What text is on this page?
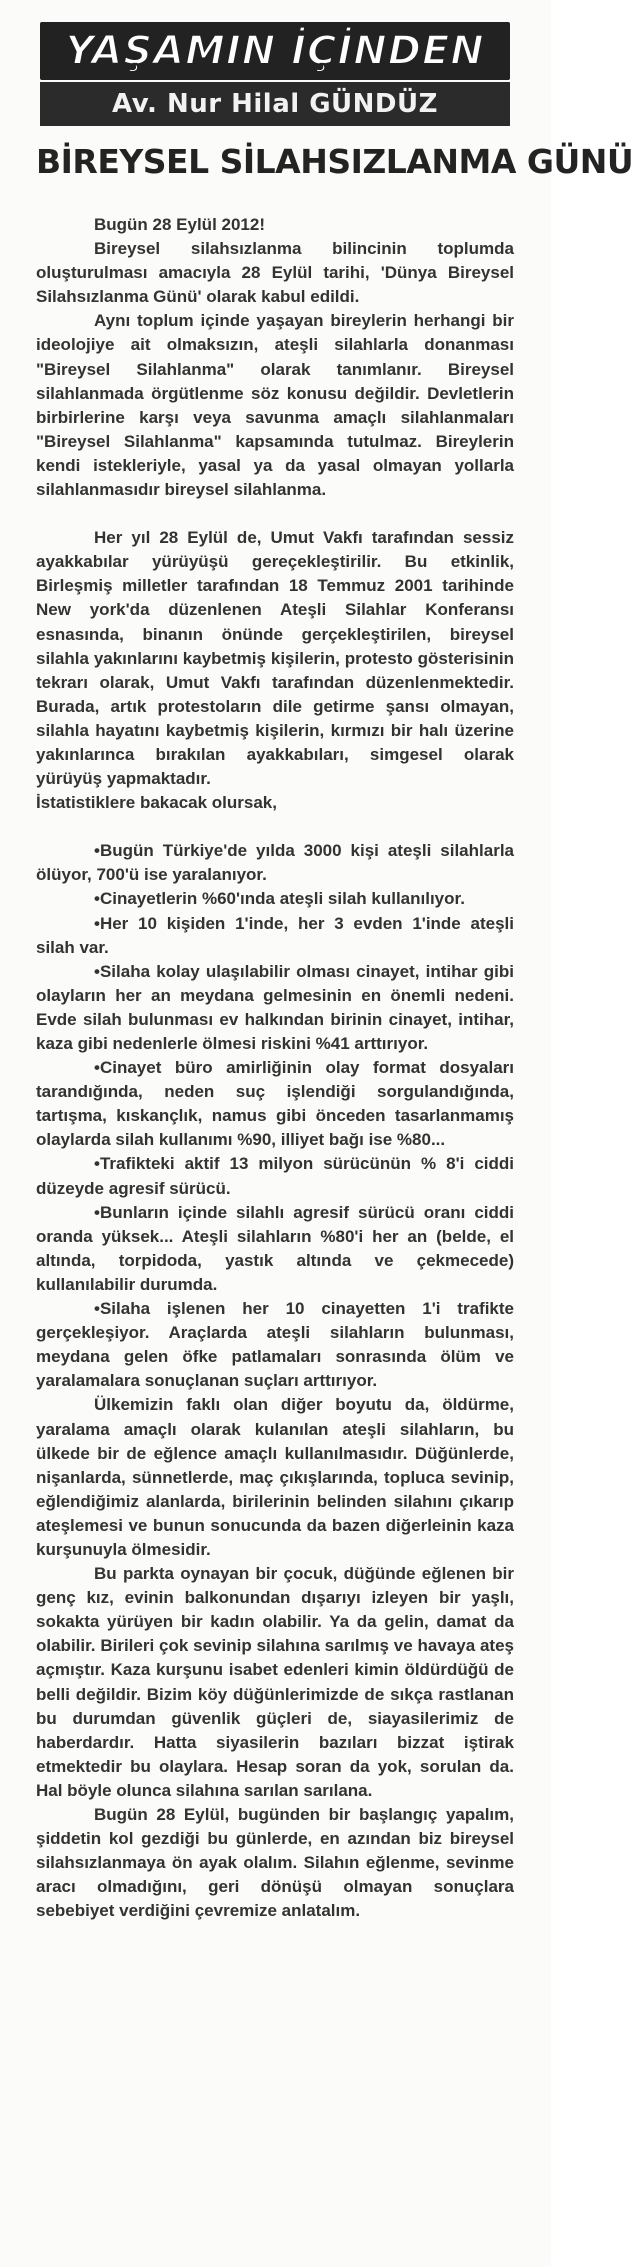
YAŞAMIN İÇİNDEN
Av. Nur Hilal GÜNDÜZ
BİREYSEL SİLAHSIZLANMA GÜNÜ

Bugün 28 Eylül 2012!

Bireysel silahsızlanma bilincinin toplumda oluşturulması amacıyla 28 Eylül tarihi, 'Dünya Bireysel Silahsızlanma Günü' olarak kabul edildi.

Aynı toplum içinde yaşayan bireylerin herhangi bir ideolojiye ait olmaksızın, ateşli silahlarla donanması "Bireysel Silahlanma" olarak tanımlanır. Bireysel silahlanmada örgütlenme söz konusu değildir. Devletlerin birbirlerine karşı veya savunma amaçlı silahlanmaları "Bireysel Silahlanma" kapsamında tutulmaz. Bireylerin kendi istekleriyle, yasal ya da yasal olmayan yollarla silahlanmasıdır bireysel silahlanma.

Her yıl 28 Eylül de, Umut Vakfı tarafından sessiz ayakkabılar yürüyüşü gereçekleştirilir. Bu etkinlik, Birleşmiş milletler tarafından 18 Temmuz 2001 tarihinde New york'da düzenlenen Ateşli Silahlar Konferansı esnasında, binanın önünde gerçekleştirilen, bireysel silahla yakınlarını kaybetmiş kişilerin, protesto gösterisinin tekrarı olarak, Umut Vakfı tarafından düzenlenmektedir. Burada, artık protestoların dile getirme şansı olmayan, silahla hayatını kaybetmiş kişilerin, kırmızı bir halı üzerine yakınlarınca bırakılan ayakkabıları, simgesel olarak yürüyüş yapmaktadır.

İstatistiklere bakacak olursak,

•Bugün Türkiye'de yılda 3000 kişi ateşli silahlarla ölüyor, 700'ü ise yaralanıyor.

•Cinayetlerin %60'ında ateşli silah kullanılıyor.

•Her 10 kişiden 1'inde, her 3 evden 1'inde ateşli silah var.

•Silaha kolay ulaşılabilir olması cinayet, intihar gibi olayların her an meydana gelmesinin en önemli nedeni. Evde silah bulunması ev halkından birinin cinayet, intihar, kaza gibi nedenlerle ölmesi riskini %41 arttırıyor.

•Cinayet büro amirliğinin olay format dosyaları tarandığında, neden suç işlendiği sorgulandığında, tartışma, kıskançlık, namus gibi önceden tasarlanmamış olaylarda silah kullanımı %90, illiyet bağı ise %80...

•Trafikteki aktif 13 milyon sürücünün % 8'i ciddi düzeyde agresif sürücü.

•Bunların içinde silahlı agresif sürücü oranı ciddi oranda yüksek... Ateşli silahların %80'i her an (belde, el altında, torpidoda, yastık altında ve çekmecede) kullanılabilir durumda.

•Silaha işlenen her 10 cinayetten 1'i trafikte gerçekleşiyor. Araçlarda ateşli silahların bulunması, meydana gelen öfke patlamaları sonrasında ölüm ve yaralamalara sonuçlanan suçları arttırıyor.

Ülkemizin faklı olan diğer boyutu da, öldürme, yaralama amaçlı olarak kulanılan ateşli silahların, bu ülkede bir de eğlence amaçlı kullanılmasıdır. Düğünlerde, nişanlarda, sünnetlerde, maç çıkışlarında, topluca sevinip, eğlendiğimiz alanlarda, birilerinin belinden silahını çıkarıp ateşlemesi ve bunun sonucunda da bazen diğerleinin kaza kurşunuyla ölmesidir.

Bu parkta oynayan bir çocuk, düğünde eğlenen bir genç kız, evinin balkonundan dışarıyı izleyen bir yaşlı, sokakta yürüyen bir kadın olabilir. Ya da gelin, damat da olabilir. Birileri çok sevinip silahına sarılmış ve havaya ateş açmıştır. Kaza kurşunu isabet edenleri kimin öldürdüğü de belli değildir. Bizim köy düğünlerimizde de sıkça rastlanan bu durumdan güvenlik güçleri de, siayasilerimiz de haberdardır. Hatta siyasilerin bazıları bizzat iştirak etmektedir bu olaylara. Hesap soran da yok, sorulan da. Hal böyle olunca silahına sarılan sarılana.

Bugün 28 Eylül, bugünden bir başlangıç yapalım, şiddetin kol gezdiği bu günlerde, en azından biz bireysel silahsızlanmaya ön ayak olalım. Silahın eğlenme, sevinme aracı olmadığını, geri dönüşü olmayan sonuçlara sebebiyet verdiğini çevremize anlatalım.
